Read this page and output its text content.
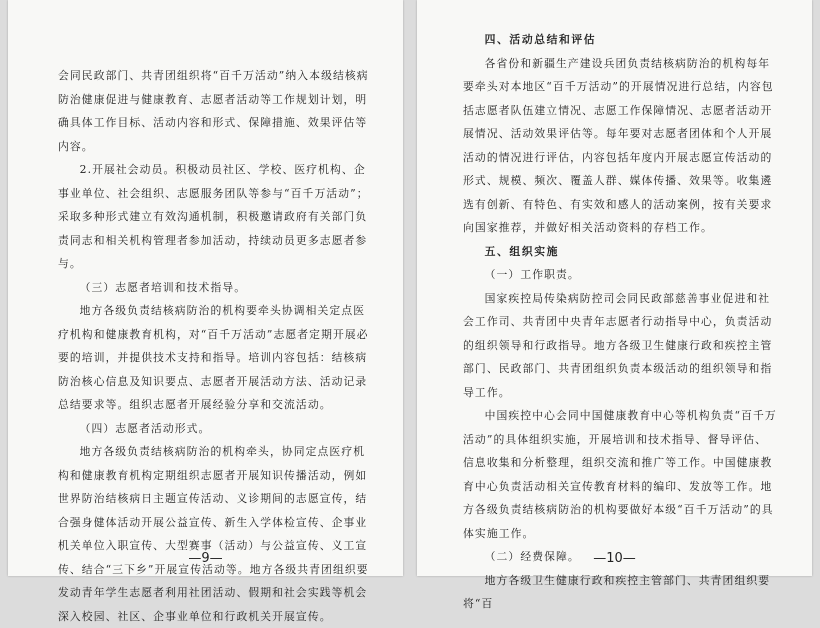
会同民政部门、共青团组织将“百千万活动”纳入本级结核病防治健康促进与健康教育、志愿者活动等工作规划计划，明确具体工作目标、活动内容和形式、保障措施、效果评估等内容。

2.开展社会动员。积极动员社区、学校、医疗机构、企事业单位、社会组织、志愿服务团队等参与“百千万活动”；采取多种形式建立有效沟通机制，积极邀请政府有关部门负责同志和相关机构管理者参加活动，持续动员更多志愿者参与。

（三）志愿者培训和技术指导。

地方各级负责结核病防治的机构要牵头协调相关定点医疗机构和健康教育机构，对“百千万活动”志愿者定期开展必要的培训，并提供技术支持和指导。培训内容包括：结核病防治核心信息及知识要点、志愿者开展活动方法、活动记录总结要求等。组织志愿者开展经验分享和交流活动。

（四）志愿者活动形式。

地方各级负责结核病防治的机构牵头，协同定点医疗机构和健康教育机构定期组织志愿者开展知识传播活动，例如世界防治结核病日主题宣传活动、义诊期间的志愿宣传，结合强身健体活动开展公益宣传、新生入学体检宣传、企事业机关单位入职宣传、大型赛事（活动）与公益宣传、义工宣传、结合“三下乡”开展宣传活动等。地方各级共青团组织要发动青年学生志愿者利用社团活动、假期和社会实践等机会深入校园、社区、企事业单位和行政机关开展宣传。

—9—

四、活动总结和评估

各省份和新疆生产建设兵团负责结核病防治的机构每年要牵头对本地区“百千万活动”的开展情况进行总结，内容包括志愿者队伍建立情况、志愿工作保障情况、志愿者活动开展情况、活动效果评估等。每年要对志愿者团体和个人开展活动的情况进行评估，内容包括年度内开展志愿宣传活动的形式、规模、频次、覆盖人群、媒体传播、效果等。收集遴选有创新、有特色、有实效和感人的活动案例，按有关要求向国家推荐，并做好相关活动资料的存档工作。

五、组织实施

（一）工作职责。

国家疾控局传染病防控司会同民政部慈善事业促进和社会工作司、共青团中央青年志愿者行动指导中心，负责活动的组织领导和行政指导。地方各级卫生健康行政和疾控主管部门、民政部门、共青团组织负责本级活动的组织领导和指导工作。

中国疾控中心会同中国健康教育中心等机构负责“百千万活动”的具体组织实施，开展培训和技术指导、督导评估、信息收集和分析整理，组织交流和推广等工作。中国健康教育中心负责活动相关宣传教育材料的编印、发放等工作。地方各级负责结核病防治的机构要做好本级“百千万活动”的具体实施工作。

（二）经费保障。

地方各级卫生健康行政和疾控主管部门、共青团组织要将“百

—10—
